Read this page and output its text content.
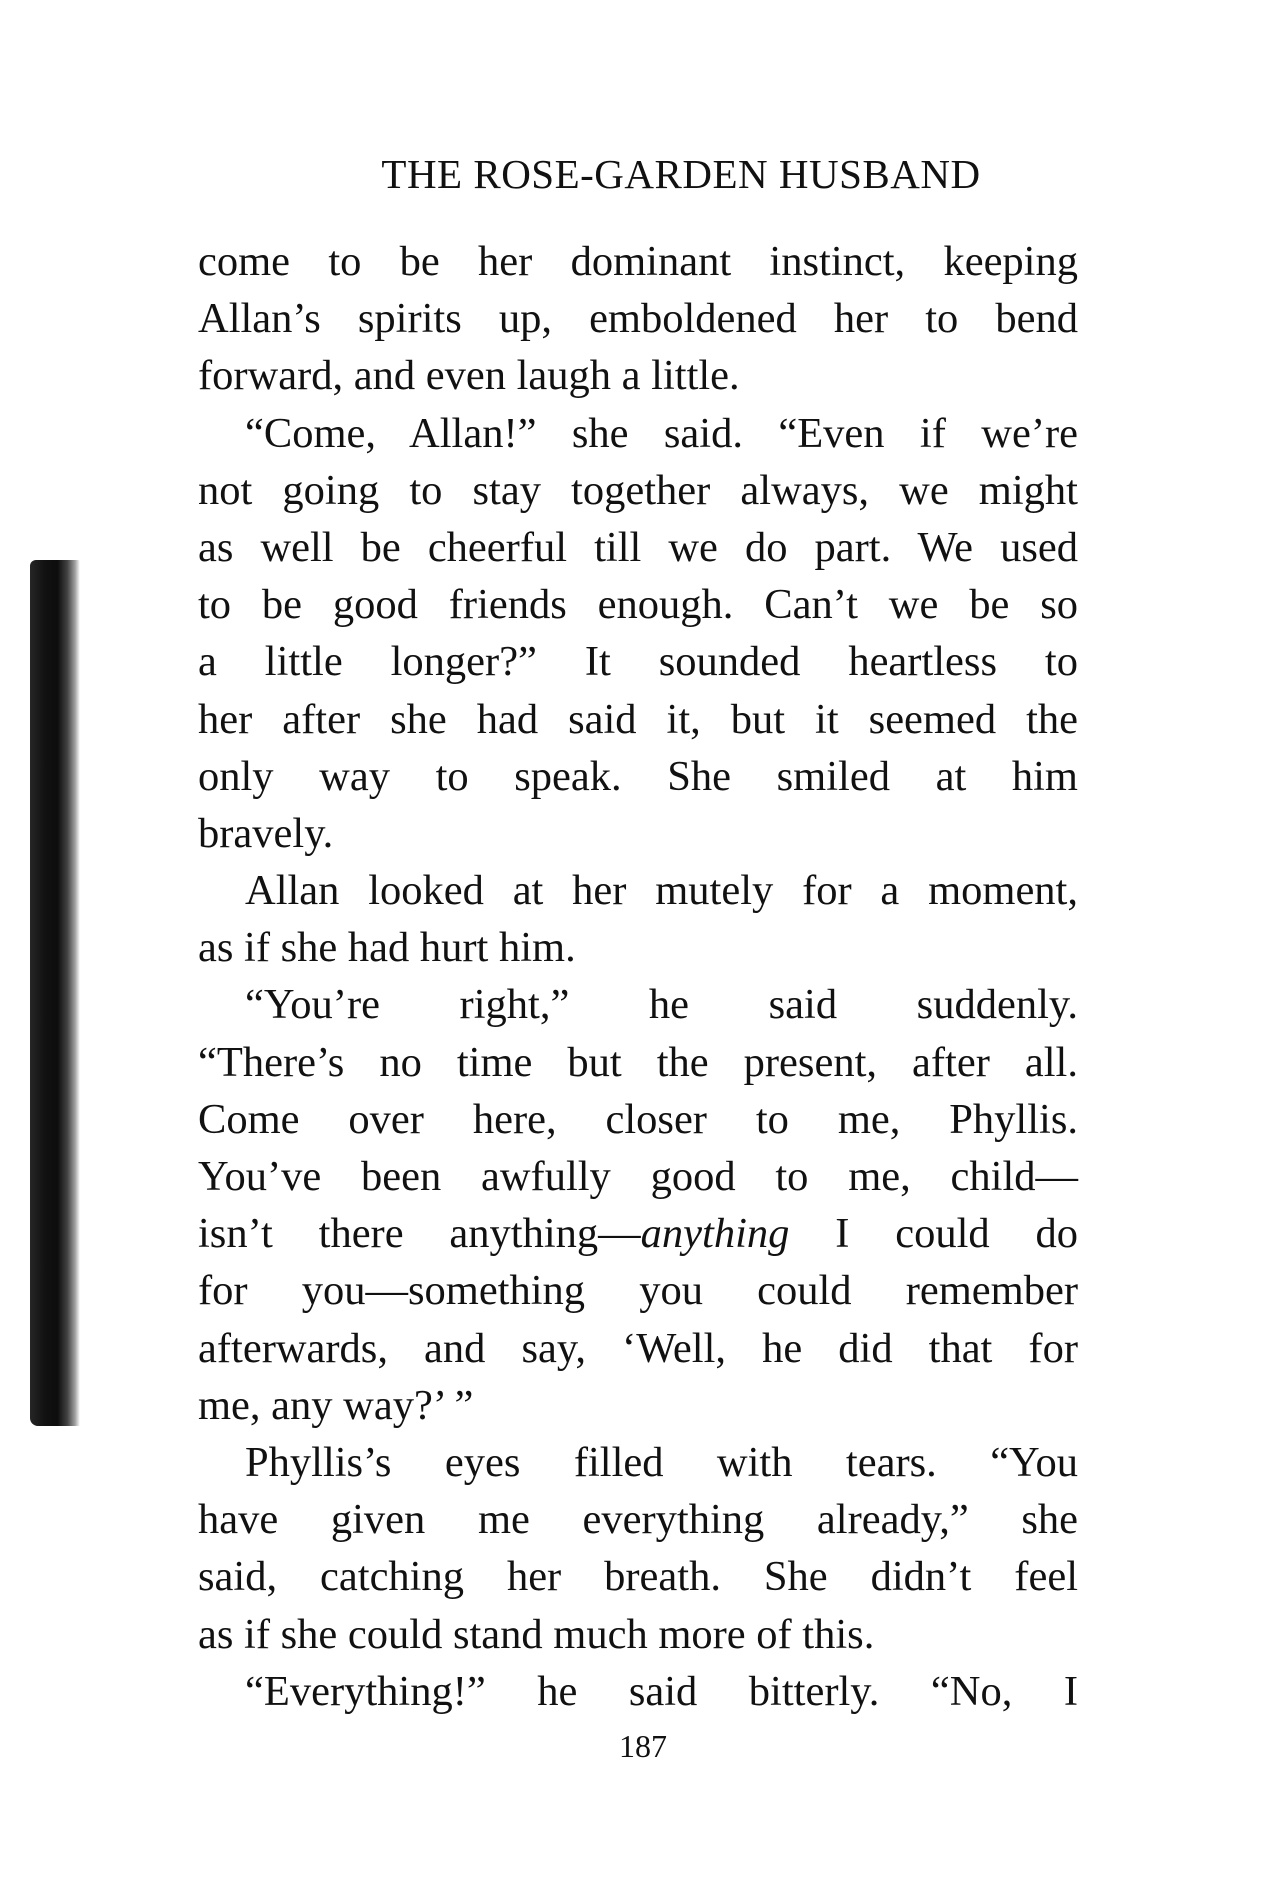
THE ROSE-GARDEN HUSBAND
come to be her dominant instinct, keeping
Allan’s spirits up, emboldened her to bend
forward, and even laugh a little.
“Come, Allan!” she said. “Even if we’re
not going to stay together always, we might
as well be cheerful till we do part. We used
to be good friends enough. Can’t we be so
a little longer?” It sounded heartless to
her after she had said it, but it seemed the
only way to speak. She smiled at him
bravely.
Allan looked at her mutely for a moment,
as if she had hurt him.
“You’re right,” he said suddenly.
“There’s no time but the present, after all.
Come over here, closer to me, Phyllis.
You’ve been awfully good to me, child—
isn’t there anything—anything I could do
for you—something you could remember
afterwards, and say, ‘Well, he did that for
me, any way?’ ”
Phyllis’s eyes filled with tears. “You
have given me everything already,” she
said, catching her breath. She didn’t feel
as if she could stand much more of this.
“Everything!” he said bitterly. “No, I
187
